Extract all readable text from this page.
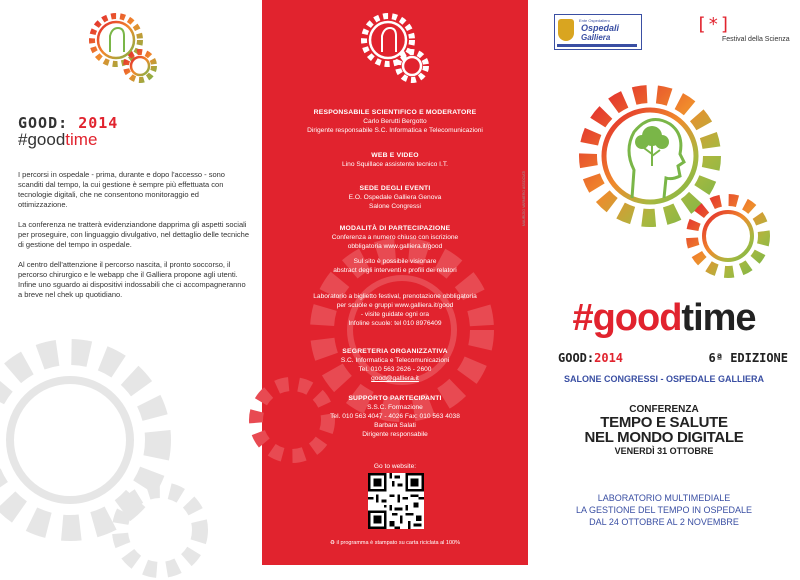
GOOD: 2014
#goodtime

I percorsi in ospedale - prima, durante e dopo l'accesso - sono scanditi dal tempo, la cui gestione è sempre più effettuata con tecnologie digitali, che ne consentono monitoraggio ed ottimizzazione.

La conferenza ne tratterà evidenziandone dapprima gli aspetti sociali per proseguire, con linguaggio divulgativo, nel dettaglio delle tecniche di gestione del tempo in ospedale.

Al centro dell'attenzione il percorso nascita, il pronto soccorso, il percorso chirurgico e le webapp che il Galliera propone agli utenti. Infine uno sguardo ai dispositivi indossabili che ci accompagneranno a breve nel chek up quotidiano.

RESPONSABILE SCIENTIFICO E MODERATORE
Carlo Berutti Bergotto
Dirigente responsabile S.C. Informatica e Telecomunicazioni
WEB E VIDEO
Lino Squillace assistente tecnico I.T.
SEDE DEGLI EVENTI
E.O. Ospedale Galliera Genova
Salone Congressi
MODALITÀ DI PARTECIPAZIONE
Conferenza a numero chiuso con iscrizione
obbligatoria www.galliera.it/good
Sul sito è possibile visionare
abstract degli interventi e profili dei relatori
Laboratorio a biglietto festival, prenotazione obbligatoria
per scuole e gruppi www.galliera.it/good
- visite guidate ogni ora
Infoline scuole: tel 010 8976409
SEGRETERIA ORGANIZZATIVA
S.C. Informatica e Telecomunicazioni
Tel. 010 563 2626 - 2600
good@galliera.it
SUPPORTO PARTECIPANTI
S.S.C. Formazione
Tel. 010 563 4047 - 4026 Fax: 010 563 4038
Barbara Salati
Dirigente responsabile
Go to website:
♻ il programma è stampato su carta riciclata al 100%
Ente Ospedaliero
Ospedali
Galliera
[*]
Festival della Scienza
MAURIZIO VARNIERO ASSOCIATI
#goodtime
GOOD:2014	6ª EDIZIONE
SALONE CONGRESSI - OSPEDALE GALLIERA
CONFERENZA
TEMPO E SALUTE
NEL MONDO DIGITALE
VENERDÌ 31 OTTOBRE
LABORATORIO MULTIMEDIALE
LA GESTIONE DEL TEMPO IN OSPEDALE
DAL 24 OTTOBRE AL 2 NOVEMBRE
